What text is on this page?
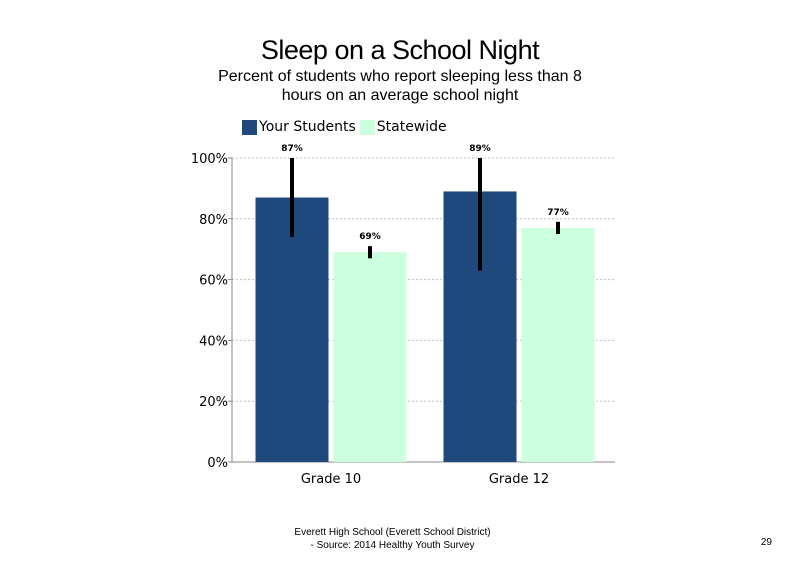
Sleep on a School Night
Percent of students who report sleeping less than 8 hours on an average school night
Your Students Statewide
0%
20%
40%
60%
80%
100%
Grade 10
87%
69%
Grade 12
89%
77%
Everett High School (Everett School District)
- Source: 2014 Healthy Youth Survey	29
